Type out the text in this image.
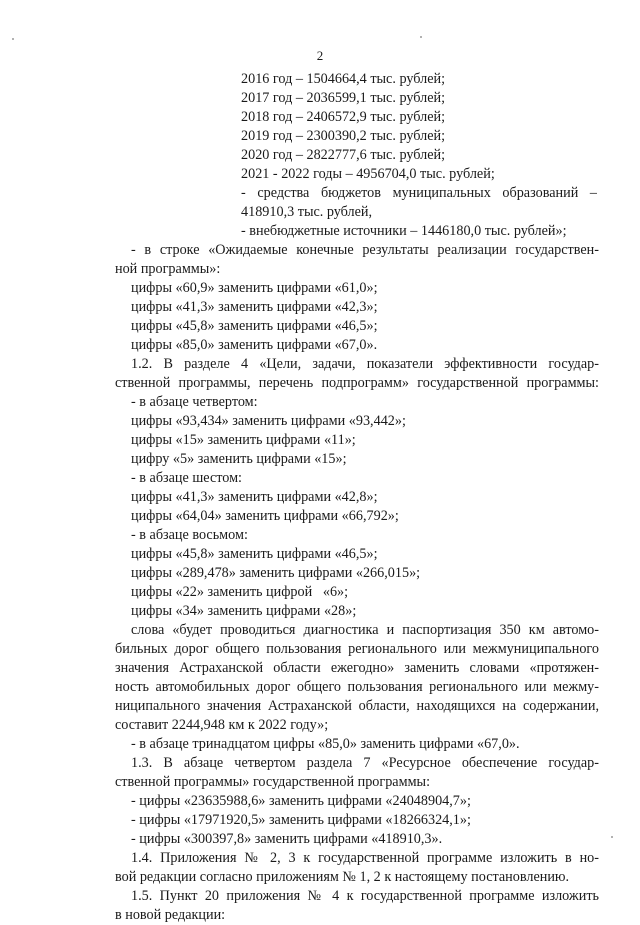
2
2016 год – 1504664,4 тыс. рублей;
2017 год – 2036599,1 тыс. рублей;
2018 год – 2406572,9 тыс. рублей;
2019 год – 2300390,2 тыс. рублей;
2020 год – 2822777,6 тыс. рублей;
2021 - 2022 годы – 4956704,0 тыс. рублей;
- средства бюджетов муниципальных образований –
418910,3 тыс. рублей,
- внебюджетные источники – 1446180,0 тыс. рублей»;
- в строке «Ожидаемые конечные результаты реализации государствен-
ной программы»:
цифры «60,9» заменить цифрами «61,0»;
цифры «41,3» заменить цифрами «42,3»;
цифры «45,8» заменить цифрами «46,5»;
цифры «85,0» заменить цифрами «67,0».
1.2. В разделе 4 «Цели, задачи, показатели эффективности государ-
ственной программы, перечень подпрограмм» государственной программы:
- в абзаце четвертом:
цифры «93,434» заменить цифрами «93,442»;
цифры «15» заменить цифрами «11»;
цифру «5» заменить цифрами «15»;
- в абзаце шестом:
цифры «41,3» заменить цифрами «42,8»;
цифры «64,04» заменить цифрами «66,792»;
- в абзаце восьмом:
цифры «45,8» заменить цифрами «46,5»;
цифры «289,478» заменить цифрами «266,015»;
цифры «22» заменить цифрой   «6»;
цифры «34» заменить цифрами «28»;
слова «будет проводиться диагностика и паспортизация 350 км автомо-
бильных дорог общего пользования регионального или межмуниципального
значения Астраханской области ежегодно» заменить словами «протяжен-
ность автомобильных дорог общего пользования регионального или межму-
ниципального значения Астраханской области, находящихся на содержании,
составит 2244,948 км к 2022 году»;
- в абзаце тринадцатом цифры «85,0» заменить цифрами «67,0».
1.3. В абзаце четвертом раздела 7 «Ресурсное обеспечение государ-
ственной программы» государственной программы:
- цифры «23635988,6» заменить цифрами «24048904,7»;
- цифры «17971920,5» заменить цифрами «18266324,1»;
- цифры «300397,8» заменить цифрами «418910,3».
1.4. Приложения № 2, 3 к государственной программе изложить в но-
вой редакции согласно приложениям № 1, 2 к настоящему постановлению.
1.5. Пункт 20 приложения № 4 к государственной программе изложить
в новой редакции:
